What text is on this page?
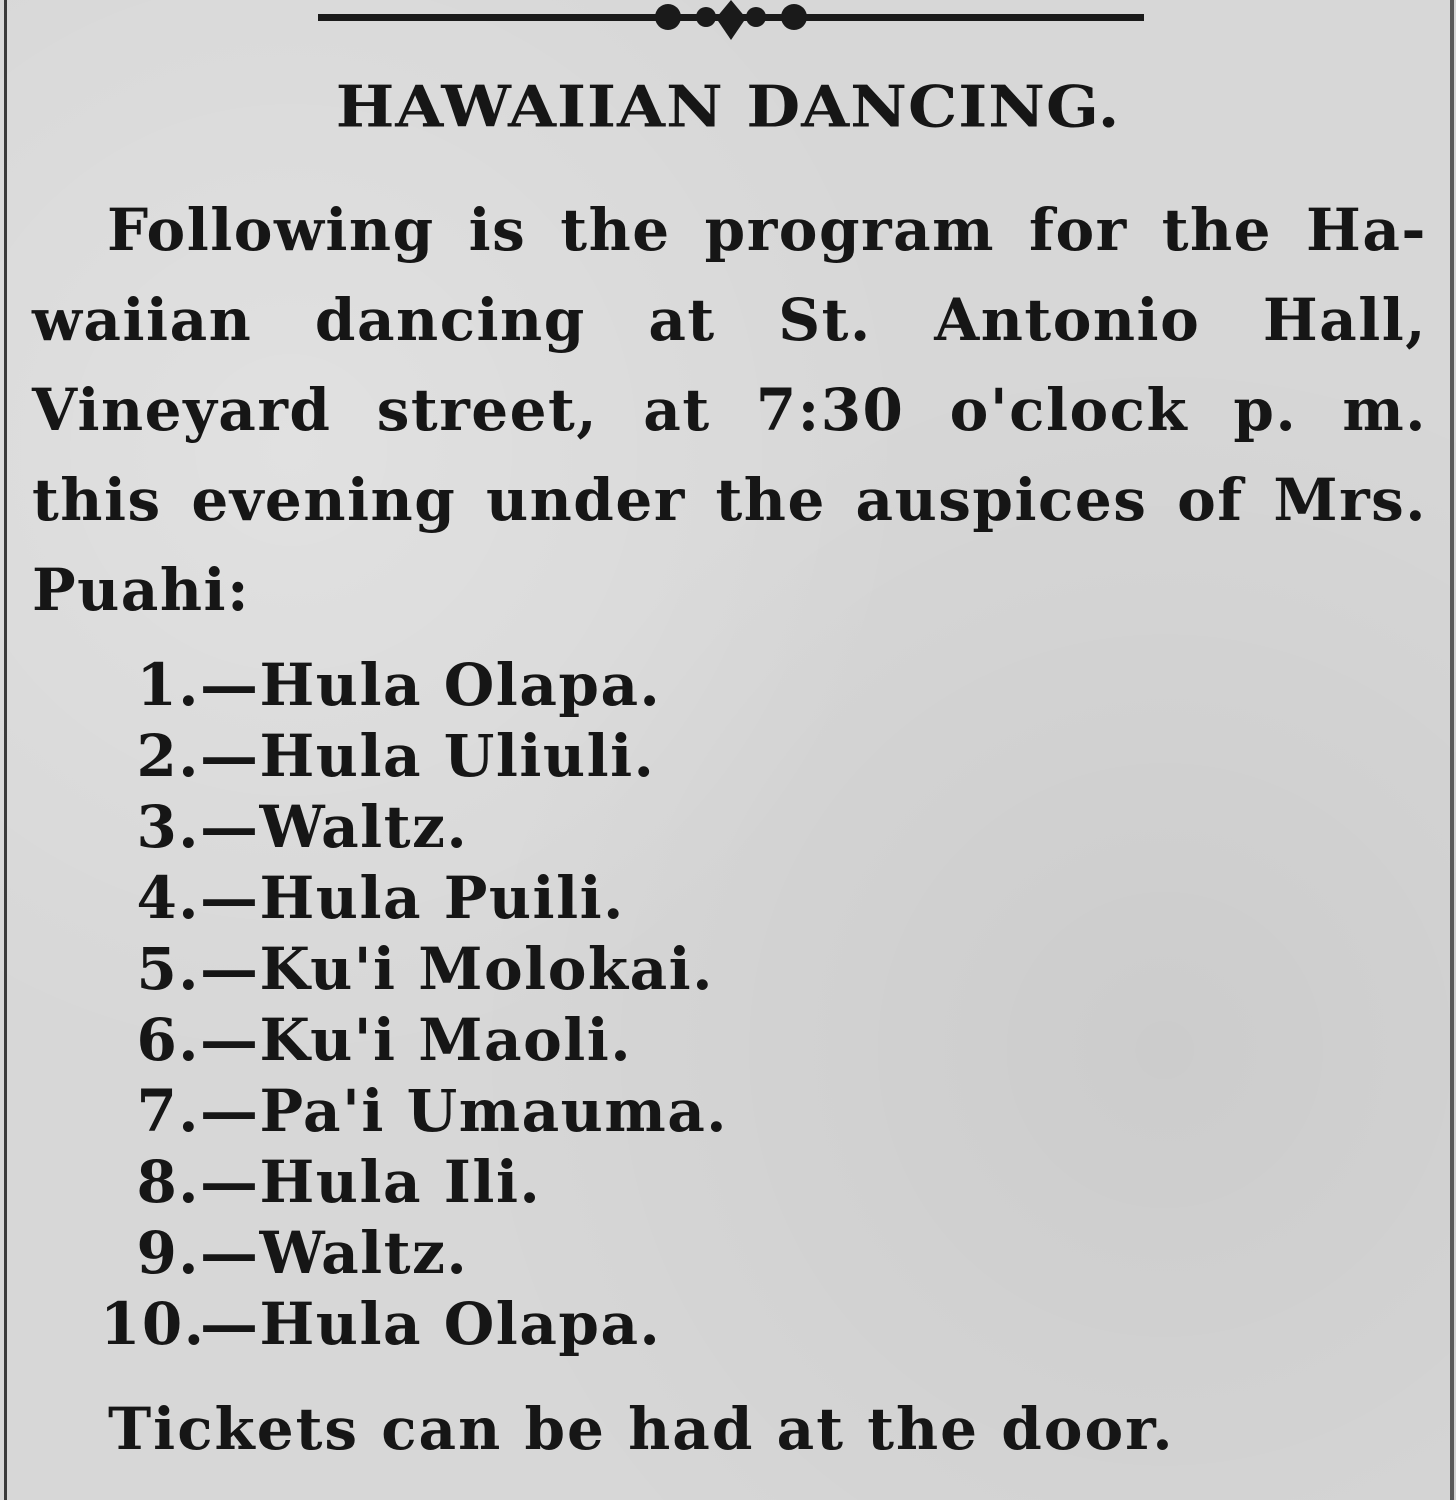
HAWAIIAN DANCING.
Following is the program for the Ha-
waiian dancing at St. Antonio Hall,
Vineyard street, at 7:30 o'clock p. m.
this evening under the auspices of Mrs.
Puahi:
1.—Hula Olapa.
2.—Hula Uliuli.
3.—Waltz.
4.—Hula Puili.
5.—Ku'i Molokai.
6.—Ku'i Maoli.
7.—Pa'i Umauma.
8.—Hula Ili.
9.—Waltz.
10.—Hula Olapa.
Tickets can be had at the door.
